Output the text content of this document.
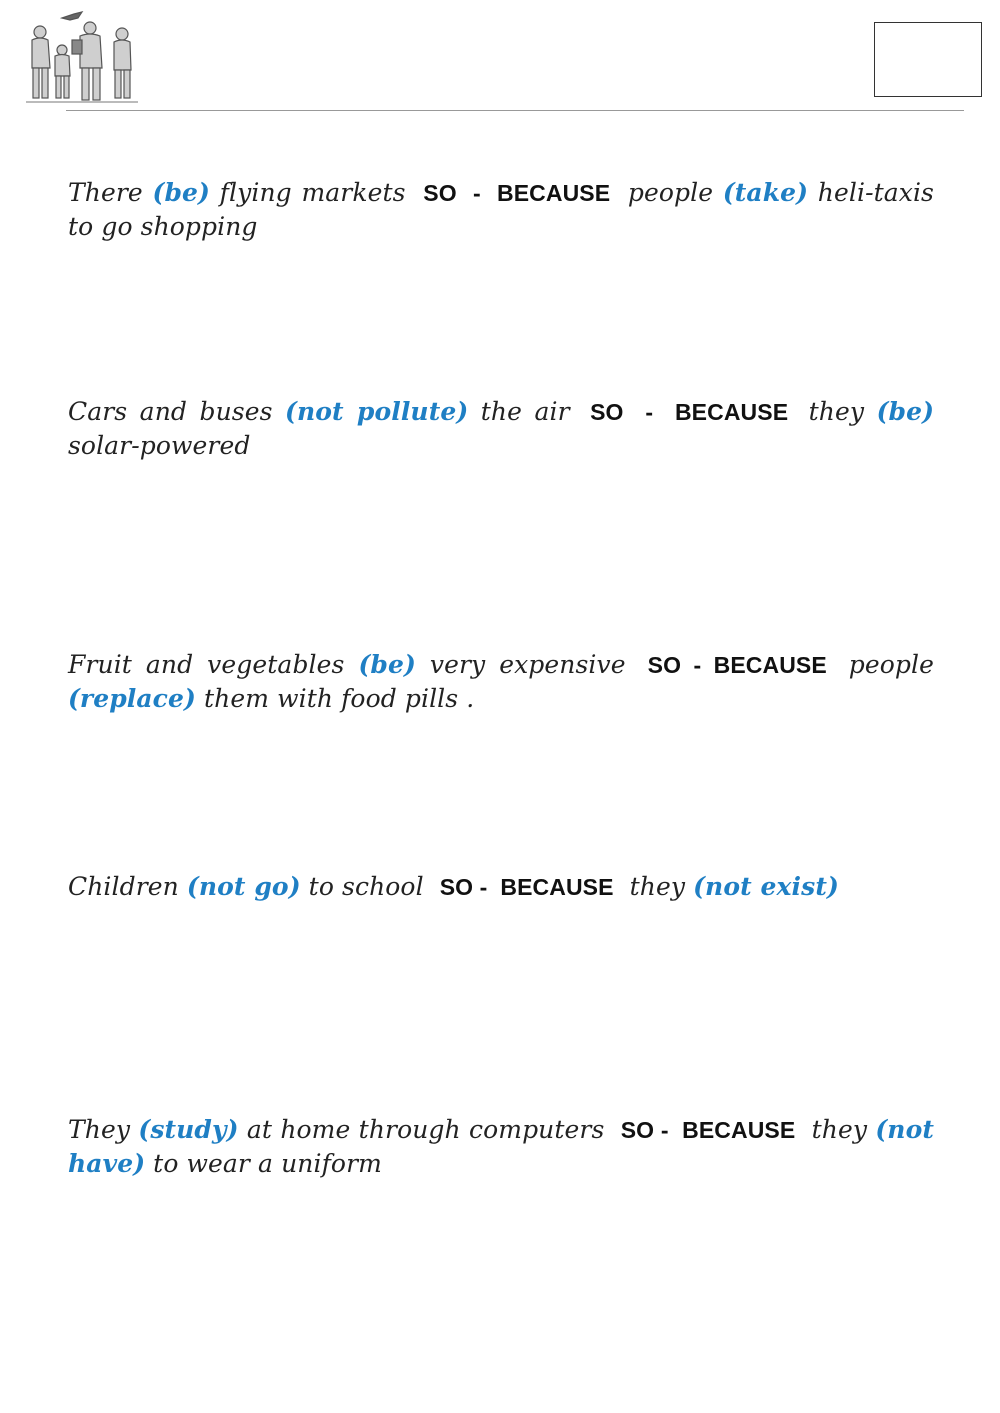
There (be) flying markets SO  -  BECAUSE people (take) heli-taxis to go shopping
Cars and buses (not pollute) the air SO  -  BECAUSE they (be) solar-powered
Fruit and vegetables (be) very expensive SO - BECAUSE people (replace) them with food pills .
Children (not go) to school SO -  BECAUSE they (not exist)
They (study) at home through computers SO -  BECAUSE they (not have) to wear a uniform
